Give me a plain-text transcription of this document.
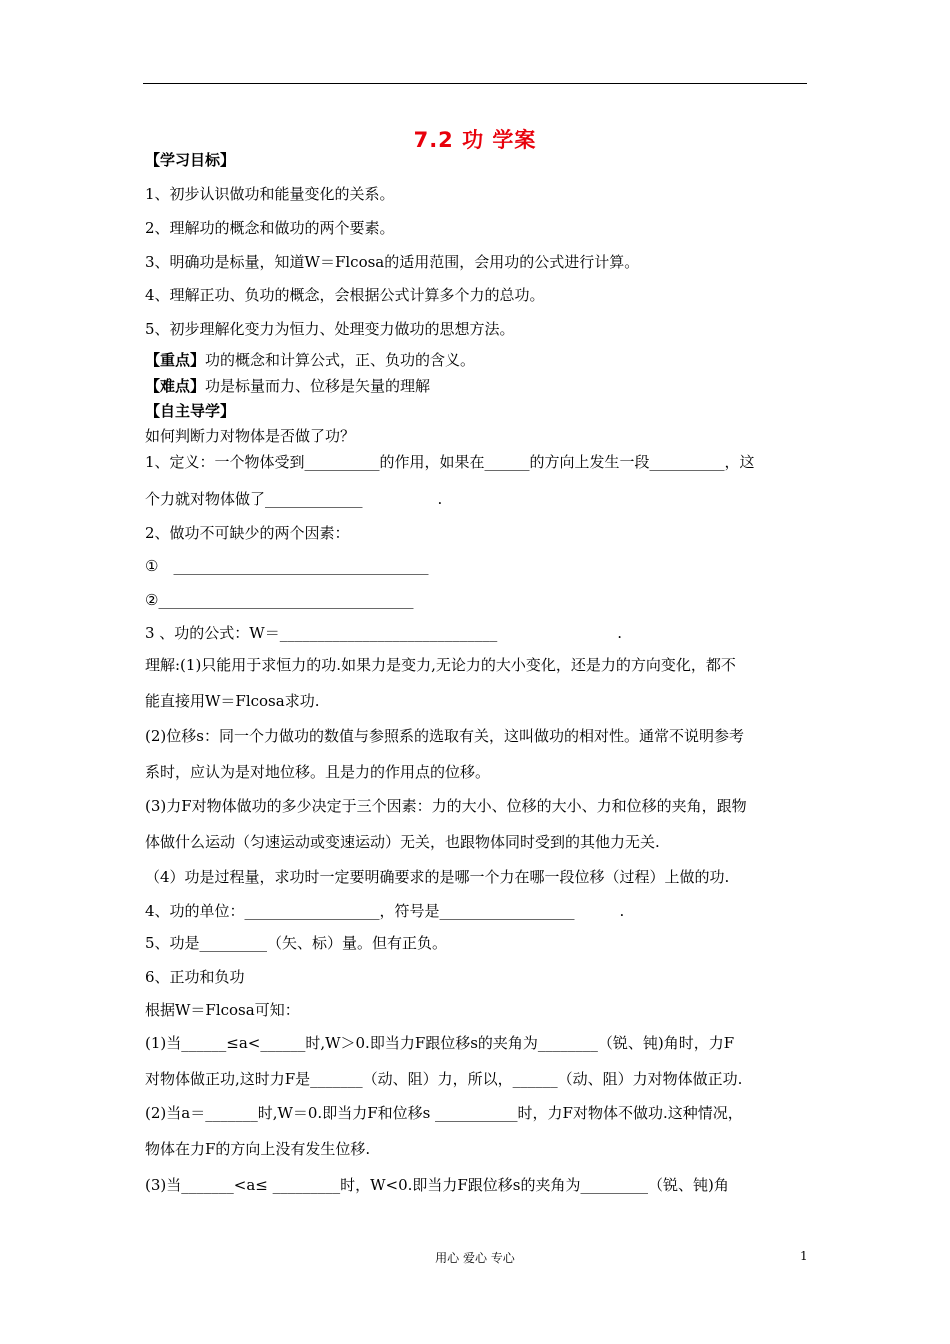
7.2 功 学案
【学习目标】
1、初步认识做功和能量变化的关系。
2、理解功的概念和做功的两个要素。
3、明确功是标量，知道W＝Flcosa的适用范围，会用功的公式进行计算。
4、理解正功、负功的概念，会根据公式计算多个力的总功。
5、初步理解化变力为恒力、处理变力做功的思想方法。
【重点】功的概念和计算公式，正、负功的含义。
【难点】功是标量而力、位移是矢量的理解
【自主导学】
如何判断力对物体是否做了功？
1、定义：一个物体受到__________的作用，如果在______的方向上发生一段__________，这
个力就对物体做了_____________　　　　　.
2、做功不可缺少的两个因素：
①　__________________________________
②__________________________________
3 、功的公式：W＝_____________________________　　　　　　　　.
理解:(1)只能用于求恒力的功.如果力是变力,无论力的大小变化，还是力的方向变化，都不
能直接用W＝Flcosa求功.
(2)位移s：同一个力做功的数值与参照系的选取有关，这叫做功的相对性。通常不说明参考
系时，应认为是对地位移。且是力的作用点的位移。
(3)力F对物体做功的多少决定于三个因素：力的大小、位移的大小、力和位移的夹角，跟物
体做什么运动（匀速运动或变速运动）无关，也跟物体同时受到的其他力无关.
（4）功是过程量，求功时一定要明确要求的是哪一个力在哪一段位移（过程）上做的功.
4、功的单位：__________________，符号是__________________　　　.
5、功是_________（矢、标）量。但有正负。
6、正功和负功
根据W＝Flcosa可知：
(1)当______≤a<______时,W＞0.即当力F跟位移s的夹角为________（锐、钝)角时，力F
对物体做正功,这时力F是_______（动、阻）力，所以，______（动、阻）力对物体做正功.
(2)当a＝_______时,W＝0.即当力F和位移s ___________时，力F对物体不做功.这种情况，
物体在力F的方向上没有发生位移.
(3)当_______<a≤ _________时，W<0.即当力F跟位移s的夹角为_________（锐、钝)角
用心 爱心 专心	1
